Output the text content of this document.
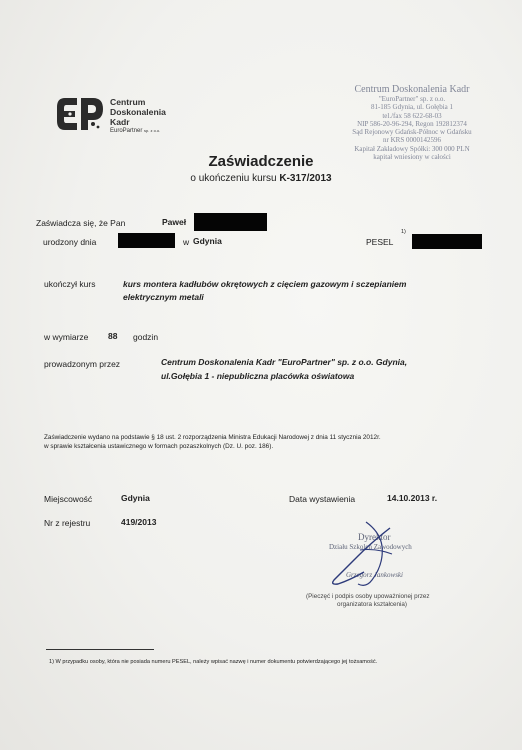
Centrum
Doskonalenia
Kadr
EuroPartner sp. z o.o.
Centrum Doskonalenia Kadr
"EuroPartner" sp. z o.o.
81-185 Gdynia, ul. Gołębia 1
tel./fax 58 622-68-03
NIP 586-20-96-294, Regon 192812374
Sąd Rejonowy Gdańsk-Północ w Gdańsku
nr KRS 0000142596
Kapitał Zakładowy Spółki: 300 000 PLN
kapitał wniesiony w całości
Zaświadczenie
o ukończeniu kursu K-317/2013
Zaświadcza się, że Pan	Paweł
urodzony dnia	w Gdynia	PESEL
1)
ukończył kurs	kurs montera kadłubów okrętowych z cięciem gazowym i sczepianiem
elektrycznym metali
w wymiarze 88 godzin
prowadzonym przez	Centrum Doskonalenia Kadr "EuroPartner" sp. z o.o. Gdynia,
ul.Gołębia 1 - niepubliczna placówka oświatowa
Zaświadczenie wydano na podstawie § 18 ust. 2 rozporządzenia Ministra Edukacji Narodowej z dnia 11 stycznia 2012r.
w sprawie kształcenia ustawicznego w formach pozaszkolnych (Dz. U. poz. 186).
Miejscowość	Gdynia	Data wystawienia	14.10.2013 r.
Nr z rejestru	419/2013
Dyrektor
Działu Szkoleń Zawodowych
Grzegorz Jankowski
(Pieczęć i podpis osoby upoważnionej przez
organizatora kształcenia)
1) W przypadku osoby, która nie posiada numeru PESEL, należy wpisać nazwę i numer dokumentu potwierdzającego jej tożsamość.
